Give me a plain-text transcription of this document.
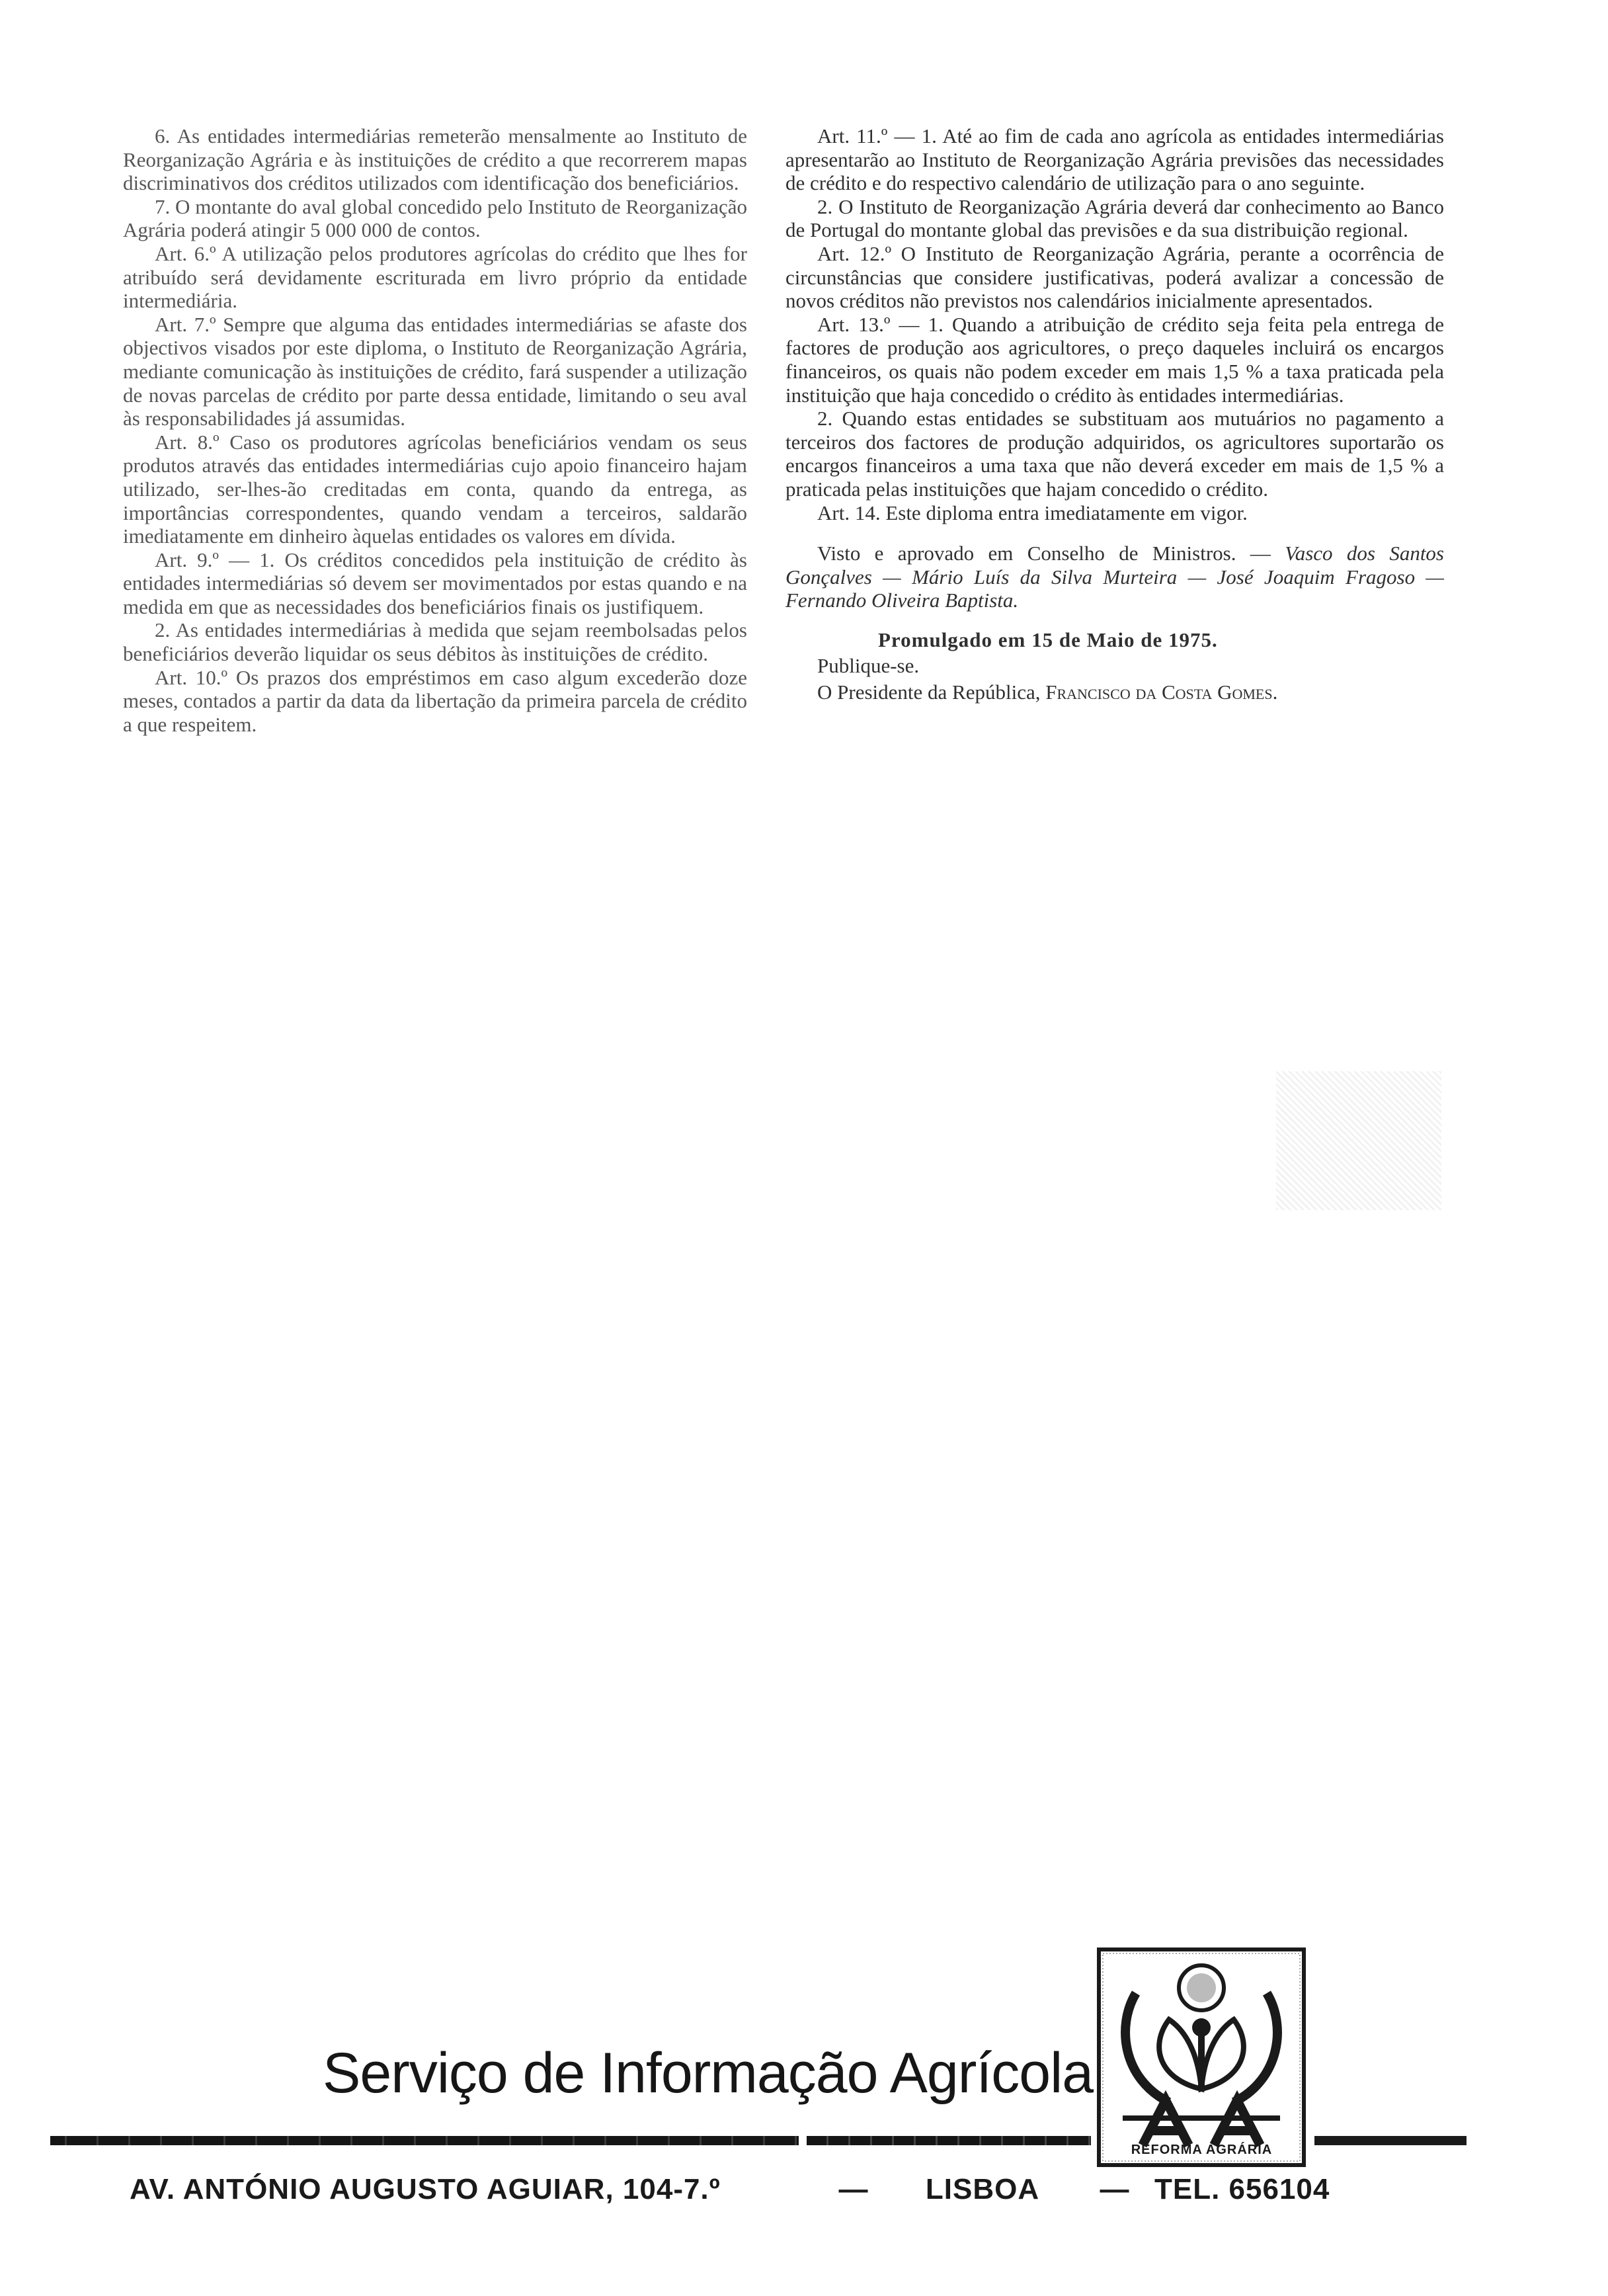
6. As entidades intermediárias remeterão mensalmente ao Instituto de Reorganização Agrária e às instituições de crédito a que recorrerem mapas discriminativos dos créditos utilizados com identificação dos beneficiários.

7. O montante do aval global concedido pelo Instituto de Reorganização Agrária poderá atingir 5 000 000 de contos.

Art. 6.º A utilização pelos produtores agrícolas do crédito que lhes for atribuído será devidamente escriturada em livro próprio da entidade intermediária.

Art. 7.º Sempre que alguma das entidades intermediárias se afaste dos objectivos visados por este diploma, o Instituto de Reorganização Agrária, mediante comunicação às instituições de crédito, fará suspender a utilização de novas parcelas de crédito por parte dessa entidade, limitando o seu aval às responsabilidades já assumidas.

Art. 8.º Caso os produtores agrícolas beneficiários vendam os seus produtos através das entidades intermediárias cujo apoio financeiro hajam utilizado, ser-lhes-ão creditadas em conta, quando da entrega, as importâncias correspondentes, quando vendam a terceiros, saldarão imediatamente em dinheiro àquelas entidades os valores em dívida.

Art. 9.º — 1. Os créditos concedidos pela instituição de crédito às entidades intermediárias só devem ser movimentados por estas quando e na medida em que as necessidades dos beneficiários finais os justifiquem.

2. As entidades intermediárias à medida que sejam reembolsadas pelos beneficiários deverão liquidar os seus débitos às instituições de crédito.

Art. 10.º Os prazos dos empréstimos em caso algum excederão doze meses, contados a partir da data da libertação da primeira parcela de crédito a que respeitem.

Art. 11.º — 1. Até ao fim de cada ano agrícola as entidades intermediárias apresentarão ao Instituto de Reorganização Agrária previsões das necessidades de crédito e do respectivo calendário de utilização para o ano seguinte.

2. O Instituto de Reorganização Agrária deverá dar conhecimento ao Banco de Portugal do montante global das previsões e da sua distribuição regional.

Art. 12.º O Instituto de Reorganização Agrária, perante a ocorrência de circunstâncias que considere justificativas, poderá avalizar a concessão de novos créditos não previstos nos calendários inicialmente apresentados.

Art. 13.º — 1. Quando a atribuição de crédito seja feita pela entrega de factores de produção aos agricultores, o preço daqueles incluirá os encargos financeiros, os quais não podem exceder em mais 1,5 % a taxa praticada pela instituição que haja concedido o crédito às entidades intermediárias.

2. Quando estas entidades se substituam aos mutuários no pagamento a terceiros dos factores de produção adquiridos, os agricultores suportarão os encargos financeiros a uma taxa que não deverá exceder em mais de 1,5 % a praticada pelas instituições que hajam concedido o crédito.

Art. 14. Este diploma entra imediatamente em vigor.

Visto e aprovado em Conselho de Ministros. — Vasco dos Santos Gonçalves — Mário Luís da Silva Murteira — José Joaquim Fragoso — Fernando Oliveira Baptista.

Promulgado em 15 de Maio de 1975.

Publique-se.

O Presidente da República, Francisco da Costa Gomes.

Serviço de Informação Agrícola
REFORMA AGRÁRIA
AV. ANTÓNIO AUGUSTO AGUIAR, 104-7.º	— LISBOA — TEL. 656104
